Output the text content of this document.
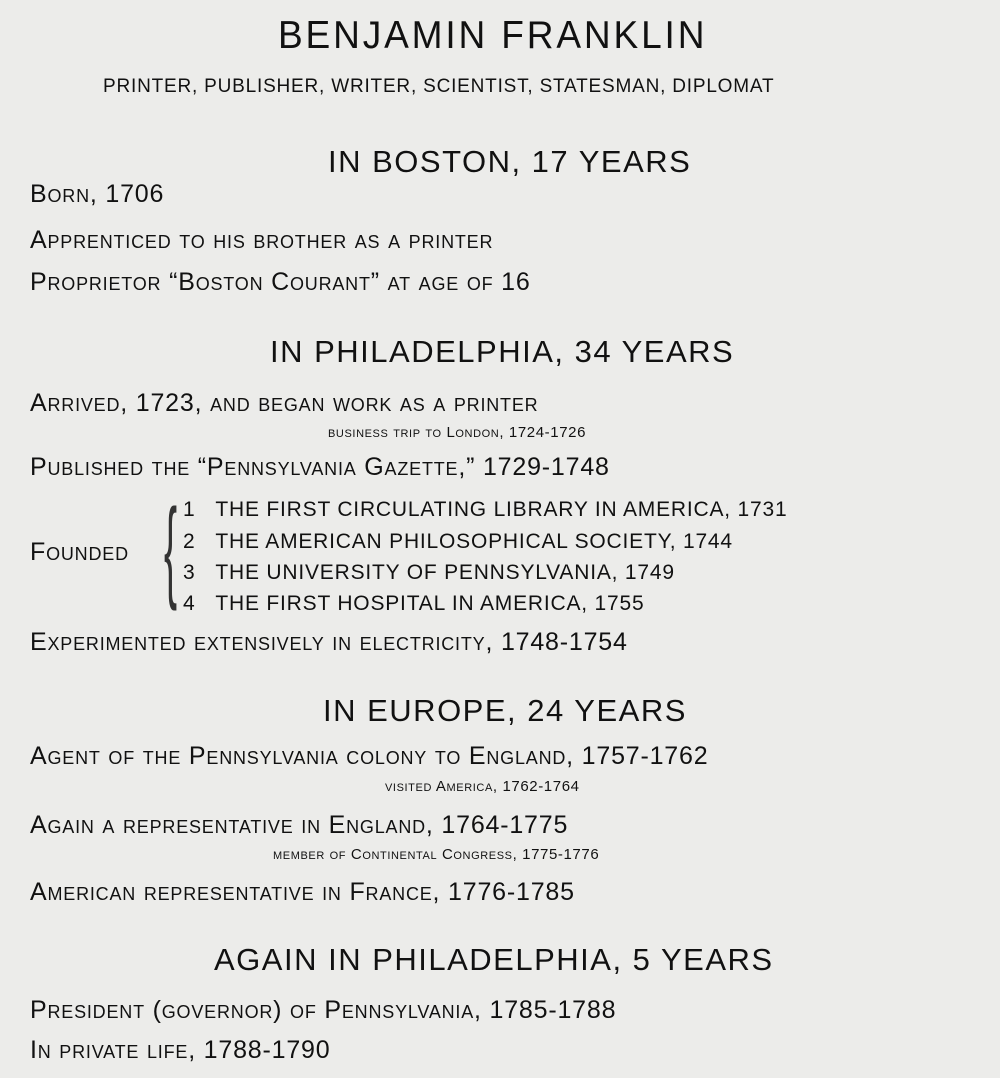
BENJAMIN FRANKLIN
PRINTER, PUBLISHER, WRITER, SCIENTIST, STATESMAN, DIPLOMAT
IN BOSTON, 17 YEARS
Born, 1706
Apprenticed to his brother as a printer
Proprietor “Boston Courant” at age of 16
IN PHILADELPHIA, 34 YEARS
Arrived, 1723, and began work as a printer
business trip to London, 1724-1726
Published the “Pennsylvania Gazette,” 1729-1748
Founded { 1 THE FIRST CIRCULATING LIBRARY IN AMERICA, 1731
2 THE AMERICAN PHILOSOPHICAL SOCIETY, 1744
3 THE UNIVERSITY OF PENNSYLVANIA, 1749
4 THE FIRST HOSPITAL IN AMERICA, 1755
Experimented extensively in electricity, 1748-1754
IN EUROPE, 24 YEARS
Agent of the Pennsylvania colony to England, 1757-1762
visited America, 1762-1764
Again a representative in England, 1764-1775
member of Continental Congress, 1775-1776
American representative in France, 1776-1785
AGAIN IN PHILADELPHIA, 5 YEARS
President (governor) of Pennsylvania, 1785-1788
In private life, 1788-1790
